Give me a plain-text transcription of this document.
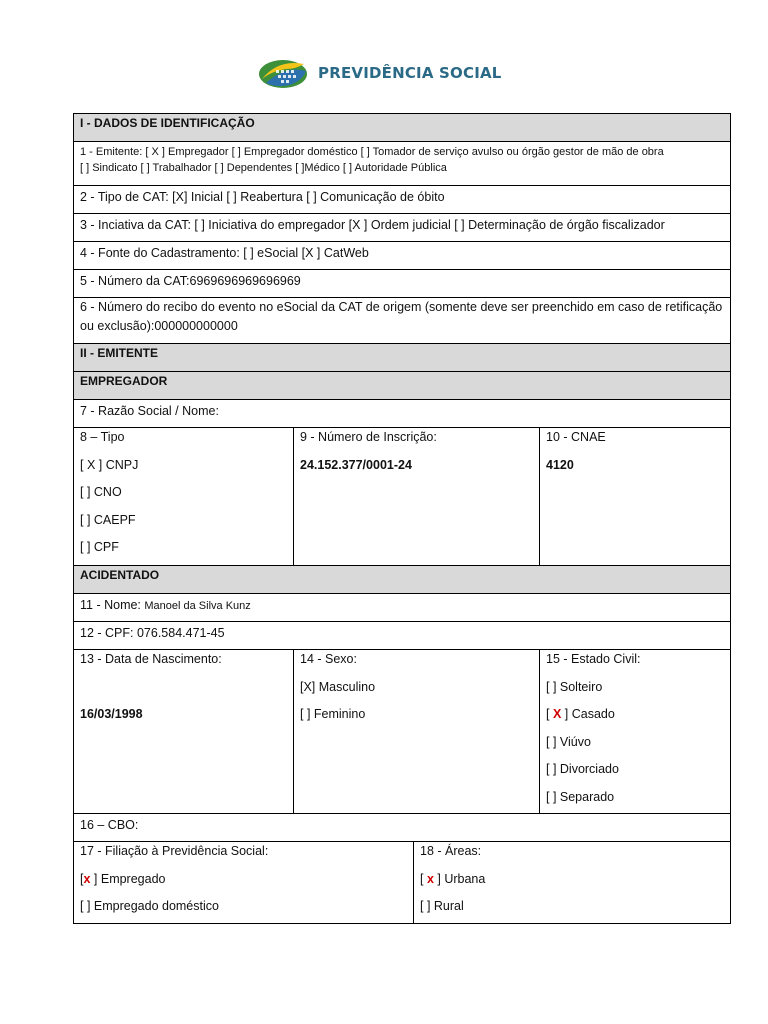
PREVIDÊNCIA SOCIAL
I - DADOS DE IDENTIFICAÇÃO
1 - Emitente: [ X ] Empregador [ ] Empregador doméstico [ ] Tomador de serviço avulso ou órgão gestor de mão de obra
[ ] Sindicato [ ] Trabalhador [ ] Dependentes [ ]Médico [ ] Autoridade Pública
2 - Tipo de CAT: [X] Inicial [ ] Reabertura [ ] Comunicação de óbito
3 - Inciativa da CAT: [ ] Iniciativa do empregador [X ] Ordem judicial [ ] Determinação de órgão fiscalizador
4 - Fonte do Cadastramento: [ ] eSocial [X ] CatWeb
5 - Número da CAT:6969696969696969
6 - Número do recibo do evento no eSocial da CAT de origem (somente deve ser preenchido em caso de retificação ou exclusão):000000000000
II - EMITENTE
EMPREGADOR
7 - Razão Social / Nome:

8 – Tipo

[ X ] CNPJ

[ ] CNO

[ ] CAEPF

[ ] CPF

9 - Número de Inscrição:

24.152.377/0001-24

10 - CNAE

4120

ACIDENTADO
11 - Nome: Manoel da Silva Kunz
12 - CPF: 076.584.471-45

13 - Data de Nascimento:

16/03/1998

14 - Sexo:

[X] Masculino

[ ] Feminino

15 - Estado Civil:

[ ] Solteiro

[ X ] Casado

[ ] Viúvo

[ ] Divorciado

[ ] Separado

16 – CBO:

17 - Filiação à Previdência Social:

[x ] Empregado

[ ] Empregado doméstico

18 - Áreas:

[ x ] Urbana

[ ] Rural
